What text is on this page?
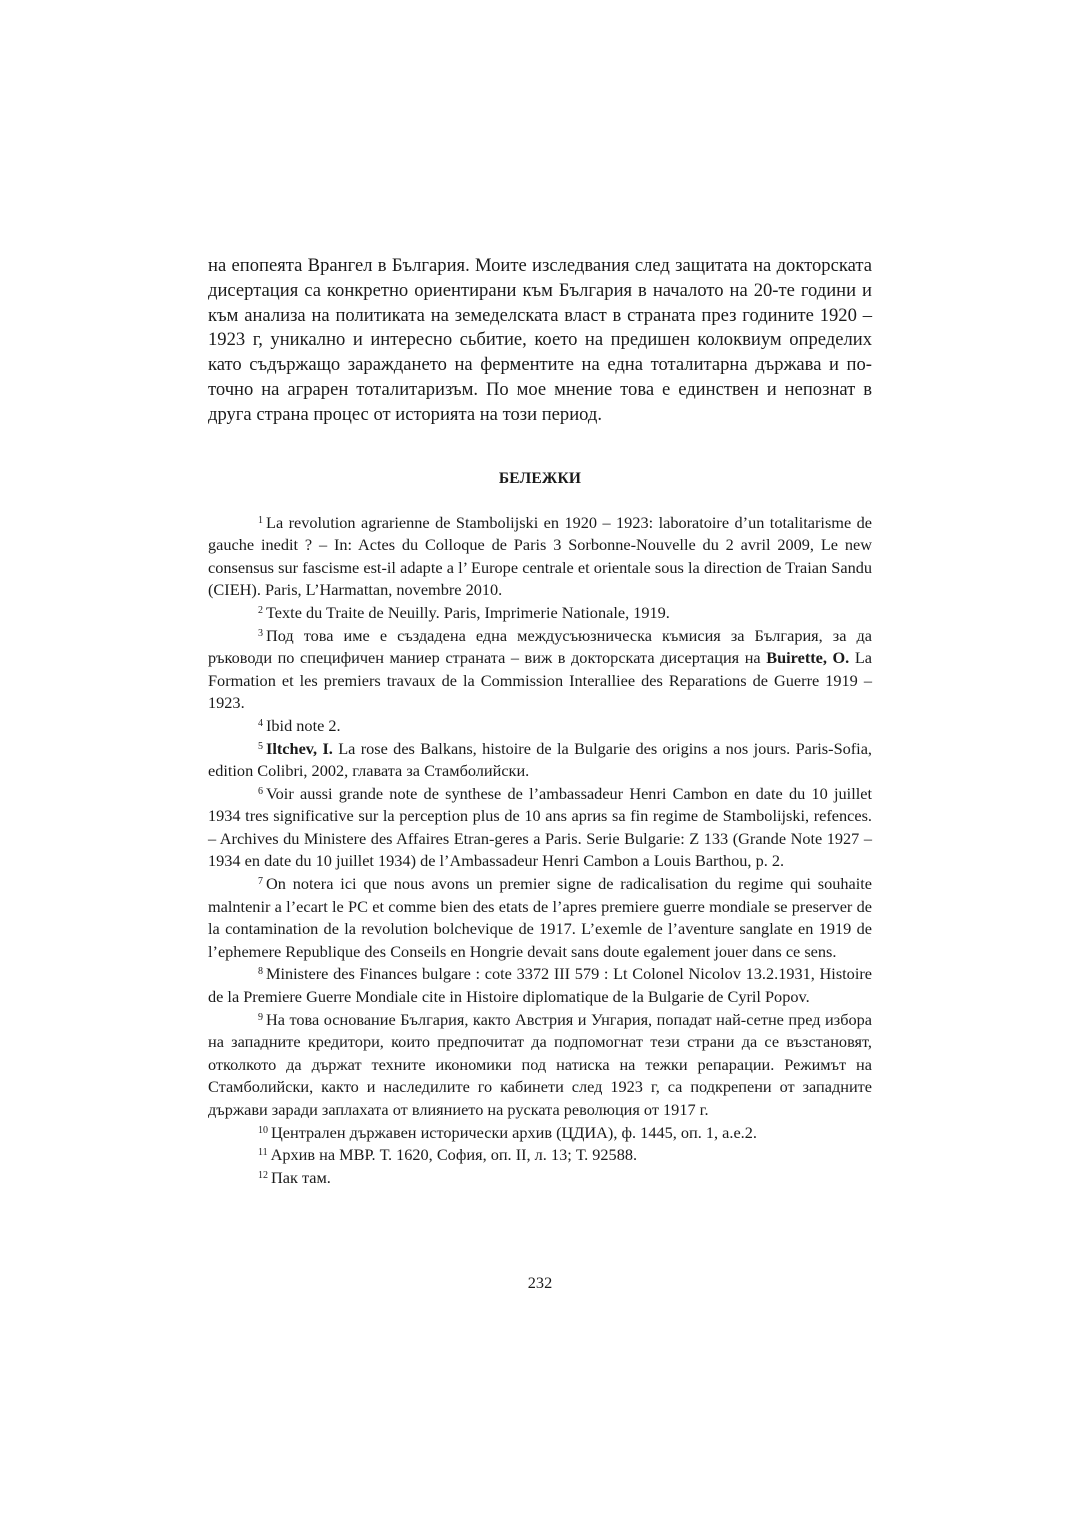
на епопеята Врангел в България. Моите изследвания след защитата на докторската дисертация са конкретно ориентирани към България в началото на 20-те години и към анализа на политиката на земеделската власт в страната през годините 1920 – 1923 г, уникално и интересно сьбитие, което на предишен колоквиум определих като съдържащо зараждането на ферментите на една тоталитарна държава и по-точно на аграрен тоталитаризъм. По мое мнение това е единствен и непознат в друга страна процес от историята на този период.

БЕЛЕЖКИ

$^1$ La revolution agrarienne de Stambolijski en 1920 – 1923: laboratoire d’un totalitarisme de gauche inedit ? – In: Actes du Colloque de Paris 3 Sorbonne-Nouvelle du 2 avril 2009, Le new consensus sur fascisme est-il adapte a l’ Europe centrale et orientale sous la direction de Traian Sandu (CIEH). Paris, L’Harmattan, novembre 2010.

$^2$ Texte du Traite de Neuilly. Paris, Imprimerie Nationale, 1919.

$^3$ Под това име е създадена една междусъюзническа къмисия за България, за да ръководи по специфичен маниер страната – виж в докторската дисертация на Buirette, O. La Formation et les premiers travaux de la Commission Interalliee des Reparations de Guerre 1919 – 1923.

$^4$ Ibid note 2.

$^5$ Iltchev, I. La rose des Balkans, histoire de la Bulgarie des origins a nos jours. Paris-Sofia, edition Colibri, 2002, главата за Стамболийски.

$^6$ Voir aussi grande note de synthese de l’ambassadeur Henri Cambon en date du 10 juillet 1934 tres significative sur la perception plus de 10 ans aprиs sa fin regime de Stambolijski, refences. – Archives du Ministere des Affaires Etran-geres a Paris. Serie Bulgarie: Z 133 (Grande Note 1927 – 1934 en date du 10 juillet 1934) de l’Ambassadeur Henri Cambon a Louis Barthou, p. 2.

$^7$ On notera ici que nous avons un premier signe de radicalisation du regime qui souhaite malntenir a l’ecart le PC et comme bien des etats de l’apres premiere guerre mondiale se preserver de la contamination de la revolution bolchevique de 1917. L’exemle de l’aventure sanglate en 1919 de l’ephemere Republique des Conseils en Hongrie devait sans doute egalement jouer dans ce sens.

$^8$ Ministere des Finances bulgare : cote 3372 III 579 : Lt Colonel Nicolov 13.2.1931, Histoire de la Premiere Guerre Mondiale cite in Histoire diplomatique de la Bulgarie de Cyril Popov.

$^9$ На това основание България, както Австрия и Унгария, попадат най-сетне пред избора на западните кредитори, които предпочитат да подпомогнат тези страни да се възстановят, отколкото да държат техните икономики под натиска на тежки репарации. Режимът на Стамболийски, както и наследилите го кабинети след 1923 г, са подкрепени от западните държави заради заплахата от влиянието на руската революция от 1917 г.

$^{10}$ Централен държавен исторически архив (ЦДИА), ф. 1445, оп. 1, а.е.2.

$^{11}$ Архив на МВР. Т. 1620, София, оп. II, л. 13; Т. 92588.

$^{12}$ Пак там.

232
